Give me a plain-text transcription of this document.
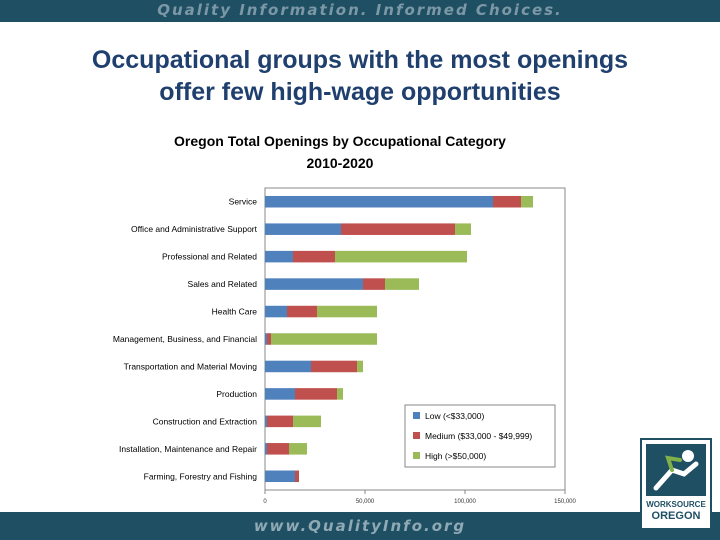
Quality Information. Informed Choices.
Occupational groups with the most openings
offer few high-wage opportunities
Oregon Total Openings by Occupational Category
2010-2020
Service
Office and Administrative Support
Professional and Related
Sales and Related
Health Care
Management, Business, and Financial
Transportation and Material Moving
Production
Construction and Extraction
Installation, Maintenance and Repair
Farming, Forestry and Fishing
0	50,000	100,000	150,000
Low (<$33,000)
Medium ($33,000 - $49,999)
High (>$50,000)
www.QualityInfo.org
WORKSOURCE
OREGON
